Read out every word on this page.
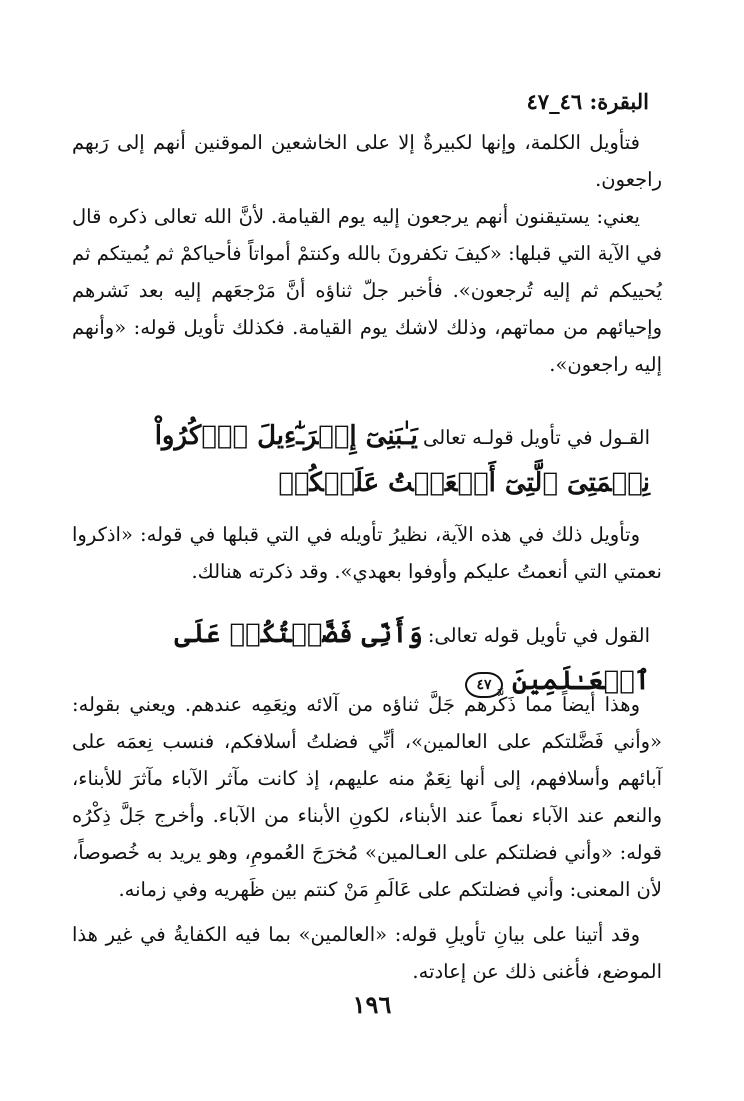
البقرة: ٤٦_٤٧

فتأويل الكلمة، وإنها لكبيرةٌ إلا على الخاشعين الموقنين أنهم إلى رَبهم راجعون.

يعني: يستيقنون أنهم يرجعون إليه يوم القيامة. لأنَّ الله تعالى ذكره قال في الآية التي قبلها: «كيفَ تكفرونَ بالله وكنتمْ أمواتاً فأحياكمْ ثم يُميتكم ثم يُحييكم ثم إليه تُرجعون». فأخبر جلّ ثناؤه أنَّ مَرْجعَهم إليه بعد نَشرهم وإحيائهم من مماتهم، وذلك لاشك يوم القيامة. فكذلك تأويل قوله: «وأنهم إليه راجعون».

القـول في تأويل قولـه تعالى يَـٰبَنِىٓ إِسۡرَـٰٓءِيلَ ٱذۡكُرُواْ نِعۡمَتِىَ ٱلَّتِىٓ أَنۡعَمۡتُ عَلَيۡكُمۡ

وتأويل ذلك في هذه الآية، نظيرُ تأويله في التي قبلها في قوله: «اذكروا نعمتي التي أنعمتُ عليكم وأوفوا بعهدي». وقد ذكرته هنالك.

القول في تأويل قوله تعالى: وَأَنِّى فَضَّلۡتُكُمۡ عَلَى ٱلۡعَـٰلَمِينَ ٤٧

وهذا أيضاً مما ذَكَّرهم جَلَّ ثناؤه من آلائه ونِعَمِه عندهم. ويعني بقوله: «وأني فَضَّلتكم على العالمين»، أنِّي فضلتُ أسلافكم، فنسب نِعمَه على آبائهم وأسلافهم، إلى أنها نِعَمٌ منه عليهم، إذ كانت مآثر الآباء مآثرَ للأبناء، والنعم عند الآباء نعماً عند الأبناء، لكونِ الأبناء من الآباء. وأخرج جَلَّ ذِكْرُه قوله: «وأني فضلتكم على العـالمين» مُخرَجَ العُمومِ، وهو يريد به خُصوصاً، لأن المعنى: وأني فضلتكم على عَالَمِ مَنْ كنتم بين ظَهريه وفي زمانه.

وقد أتينا على بيانِ تأويلِ قوله: «العالمين» بما فيه الكفايةُ في غير هذا الموضع، فأغنى ذلك عن إعادته.

١٩٦
